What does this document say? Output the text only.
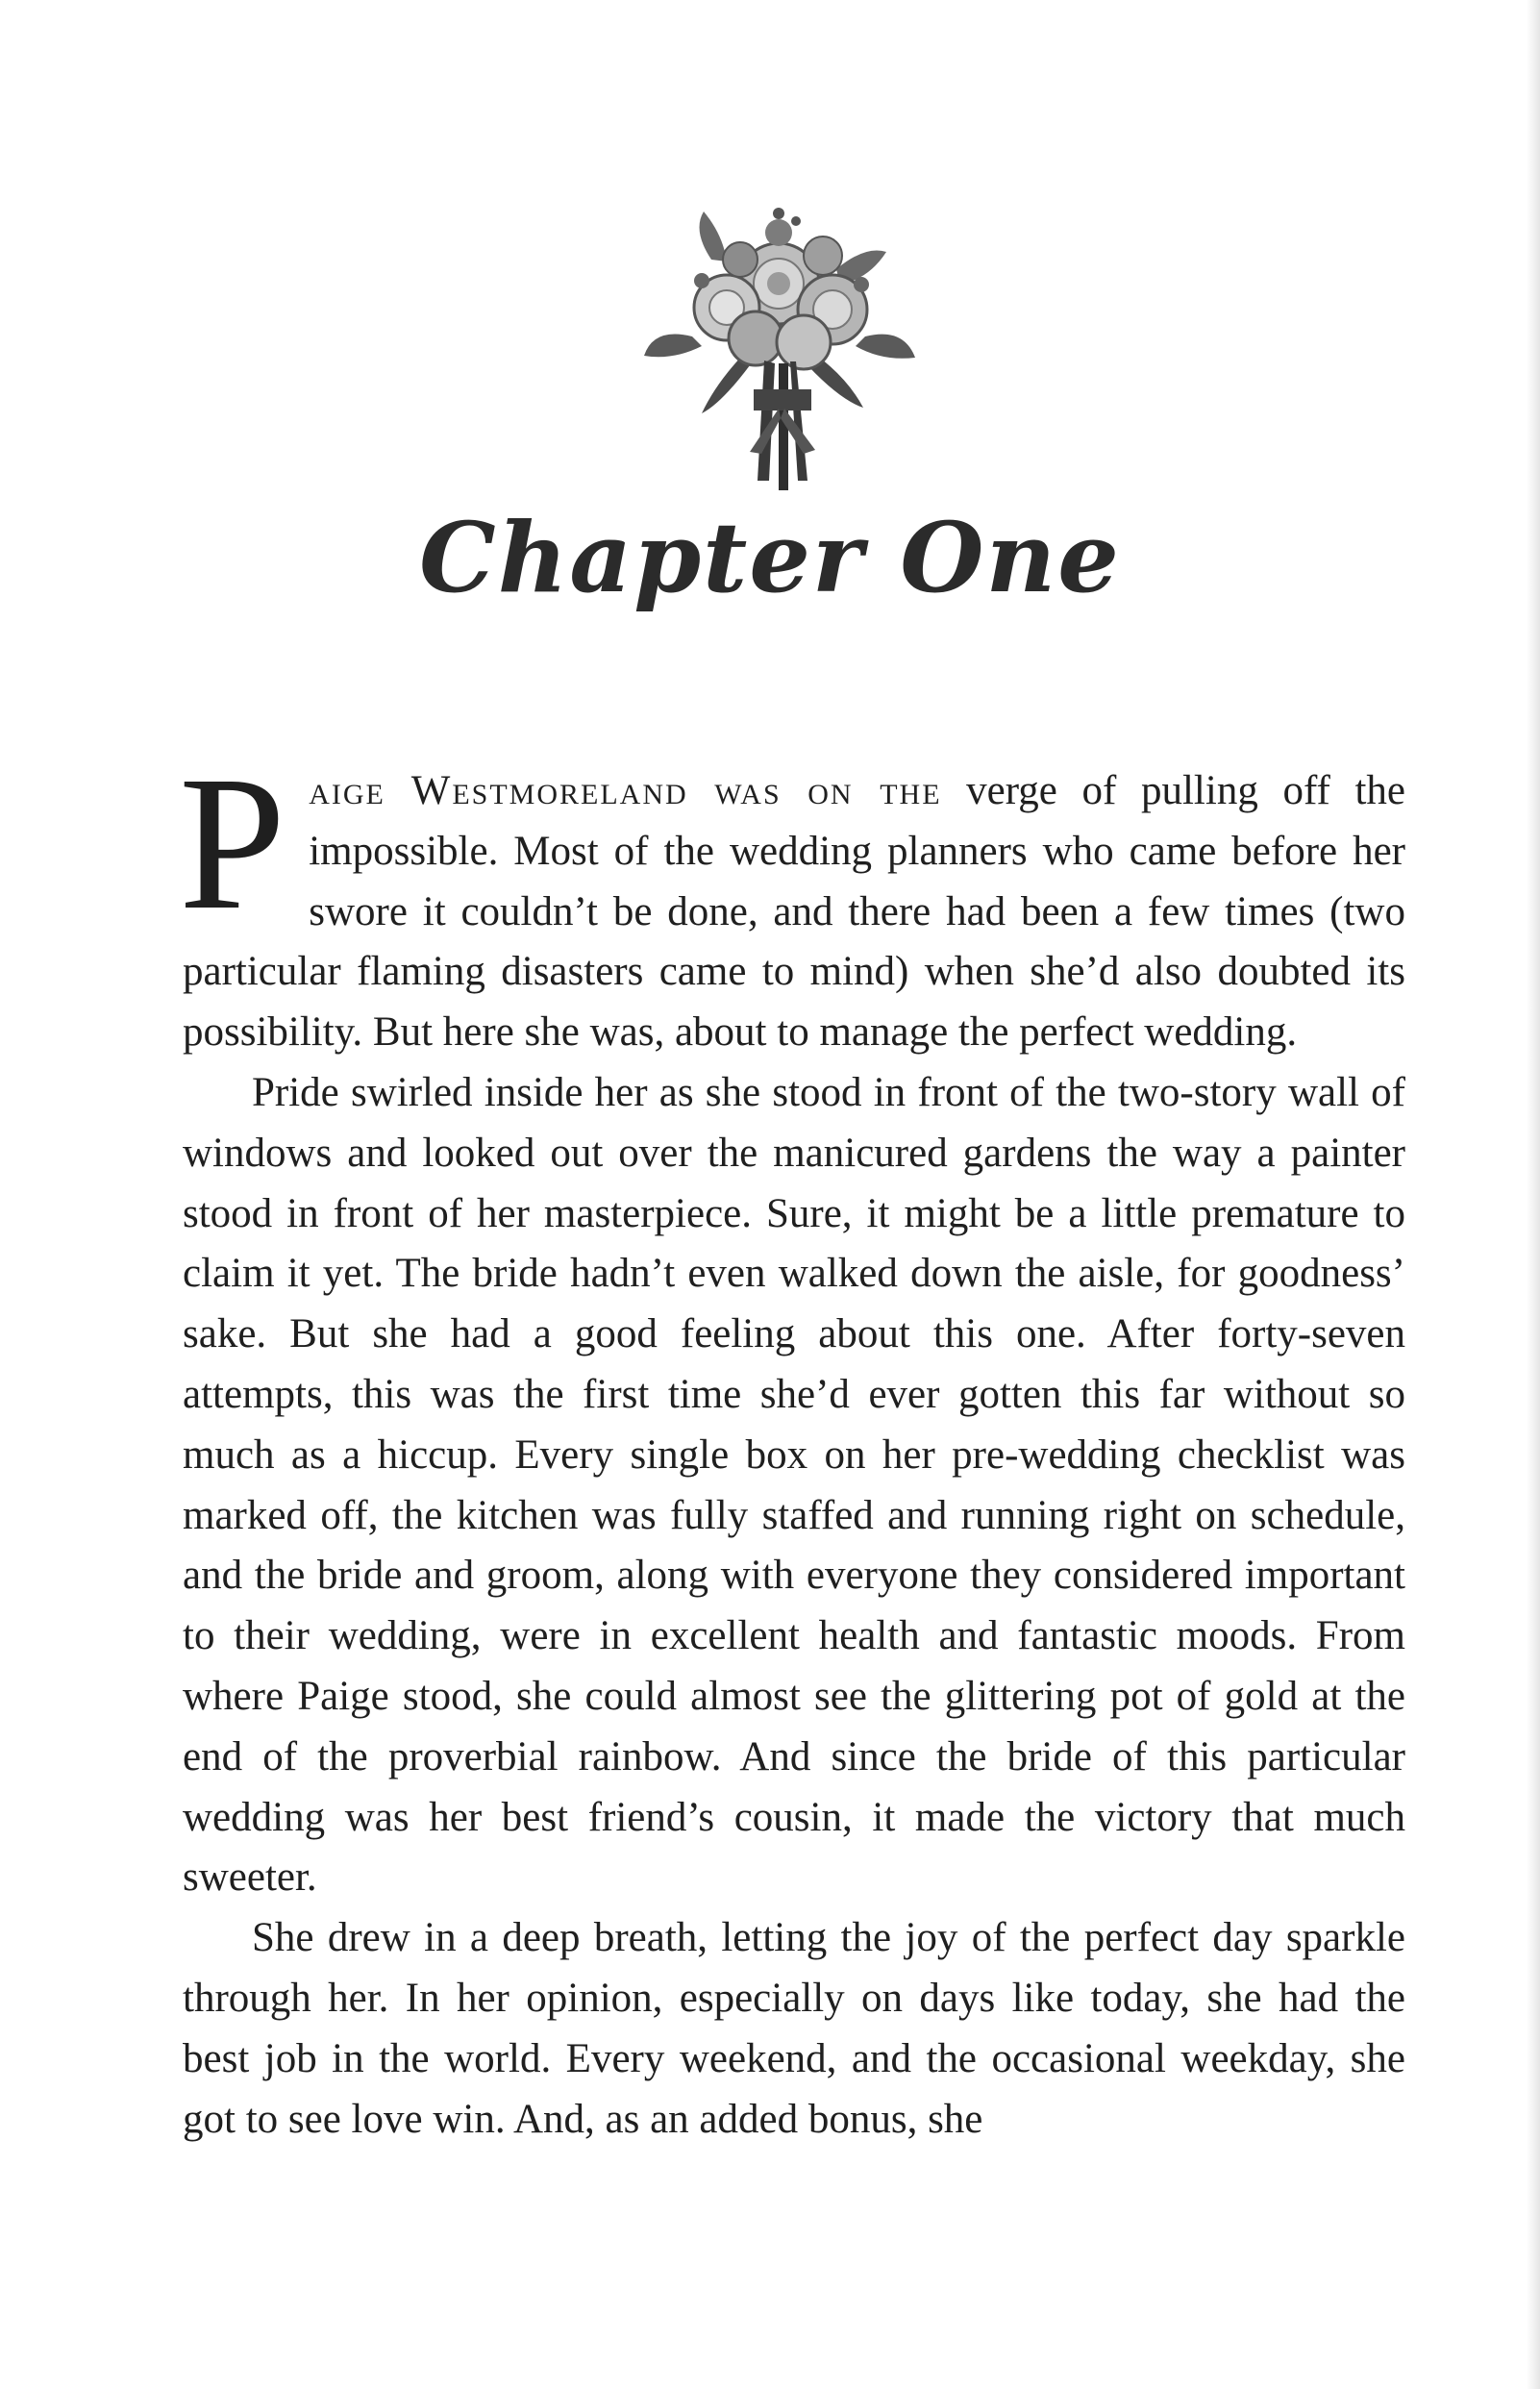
Chapter One

Paige Westmoreland was on the verge of pulling off the impossible. Most of the wedding planners who came before her swore it couldn’t be done, and there had been a few times (two particular flaming disasters came to mind) when she’d also doubted its possibility. But here she was, about to manage the perfect wedding.

Pride swirled inside her as she stood in front of the two-story wall of windows and looked out over the manicured gardens the way a painter stood in front of her masterpiece. Sure, it might be a little premature to claim it yet. The bride hadn’t even walked down the aisle, for goodness’ sake. But she had a good feeling about this one. After forty-seven attempts, this was the first time she’d ever gotten this far without so much as a hiccup. Every single box on her pre-wedding checklist was marked off, the kitchen was fully staffed and running right on schedule, and the bride and groom, along with everyone they considered important to their wedding, were in excellent health and fantastic moods. From where Paige stood, she could almost see the glittering pot of gold at the end of the proverbial rainbow. And since the bride of this particular wedding was her best friend’s cousin, it made the victory that much sweeter.

She drew in a deep breath, letting the joy of the perfect day sparkle through her. In her opinion, especially on days like today, she had the best job in the world. Every weekend, and the occasional weekday, she got to see love win. And, as an added bonus, she
